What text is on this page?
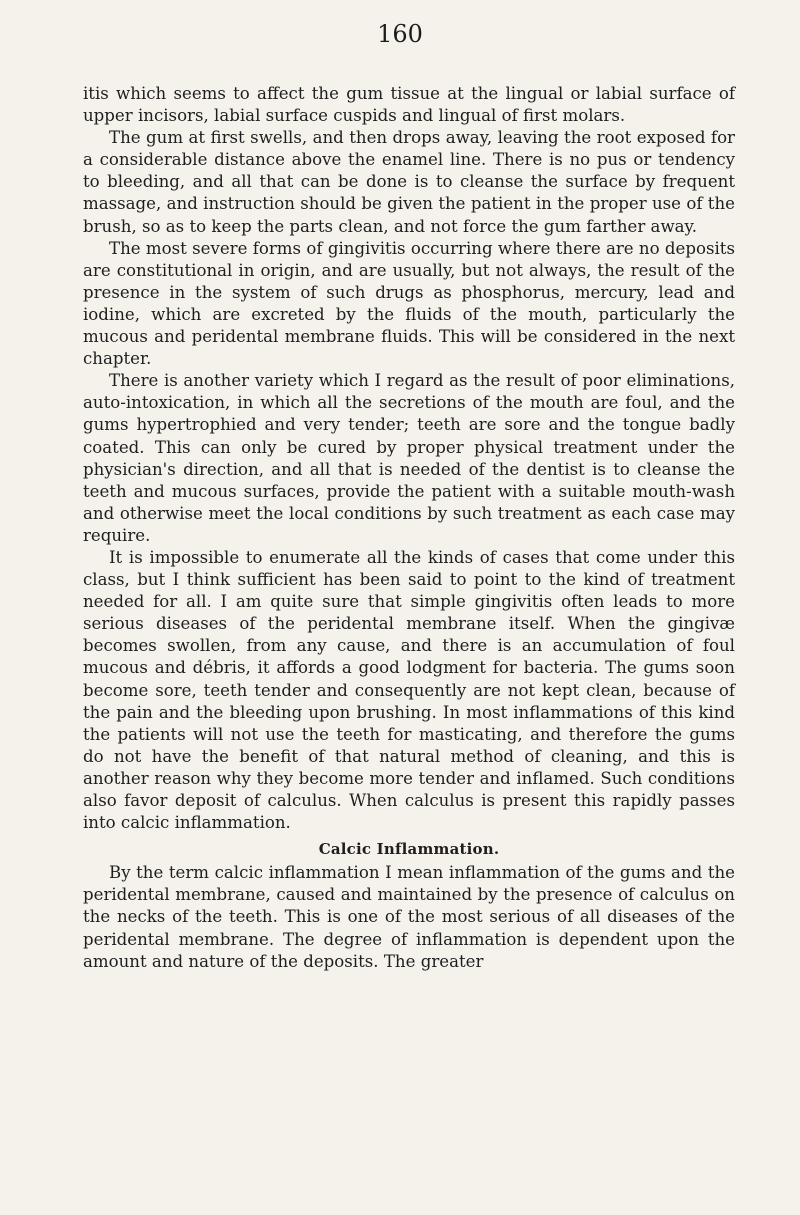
160

itis which seems to affect the gum tissue at the lingual or labial surface of upper incisors, labial surface cuspids and lingual of first molars.

The gum at first swells, and then drops away, leaving the root exposed for a considerable distance above the enamel line. There is no pus or tendency to bleeding, and all that can be done is to cleanse the surface by frequent massage, and instruction should be given the patient in the proper use of the brush, so as to keep the parts clean, and not force the gum farther away.

The most severe forms of gingivitis occurring where there are no deposits are constitutional in origin, and are usually, but not always, the result of the presence in the system of such drugs as phosphorus, mercury, lead and iodine, which are excreted by the fluids of the mouth, particularly the mucous and peridental membrane fluids. This will be considered in the next chapter.

There is another variety which I regard as the result of poor eliminations, auto-intoxication, in which all the secretions of the mouth are foul, and the gums hypertrophied and very tender; teeth are sore and the tongue badly coated. This can only be cured by proper physical treatment under the physician's direction, and all that is needed of the dentist is to cleanse the teeth and mucous surfaces, provide the patient with a suitable mouth-wash and otherwise meet the local conditions by such treatment as each case may require.

It is impossible to enumerate all the kinds of cases that come under this class, but I think sufficient has been said to point to the kind of treatment needed for all. I am quite sure that simple gingivitis often leads to more serious diseases of the peridental membrane itself. When the gingivæ becomes swollen, from any cause, and there is an accumulation of foul mucous and débris, it affords a good lodgment for bacteria. The gums soon become sore, teeth tender and consequently are not kept clean, because of the pain and the bleeding upon brushing. In most inflammations of this kind the patients will not use the teeth for masticating, and therefore the gums do not have the benefit of that natural method of cleaning, and this is another reason why they become more tender and inflamed. Such conditions also favor deposit of calculus. When calculus is present this rapidly passes into calcic inflammation.

Calcic Inflammation.

By the term calcic inflammation I mean inflammation of the gums and the peridental membrane, caused and maintained by the presence of calculus on the necks of the teeth. This is one of the most serious of all diseases of the peridental membrane. The degree of inflammation is dependent upon the amount and nature of the deposits. The greater
